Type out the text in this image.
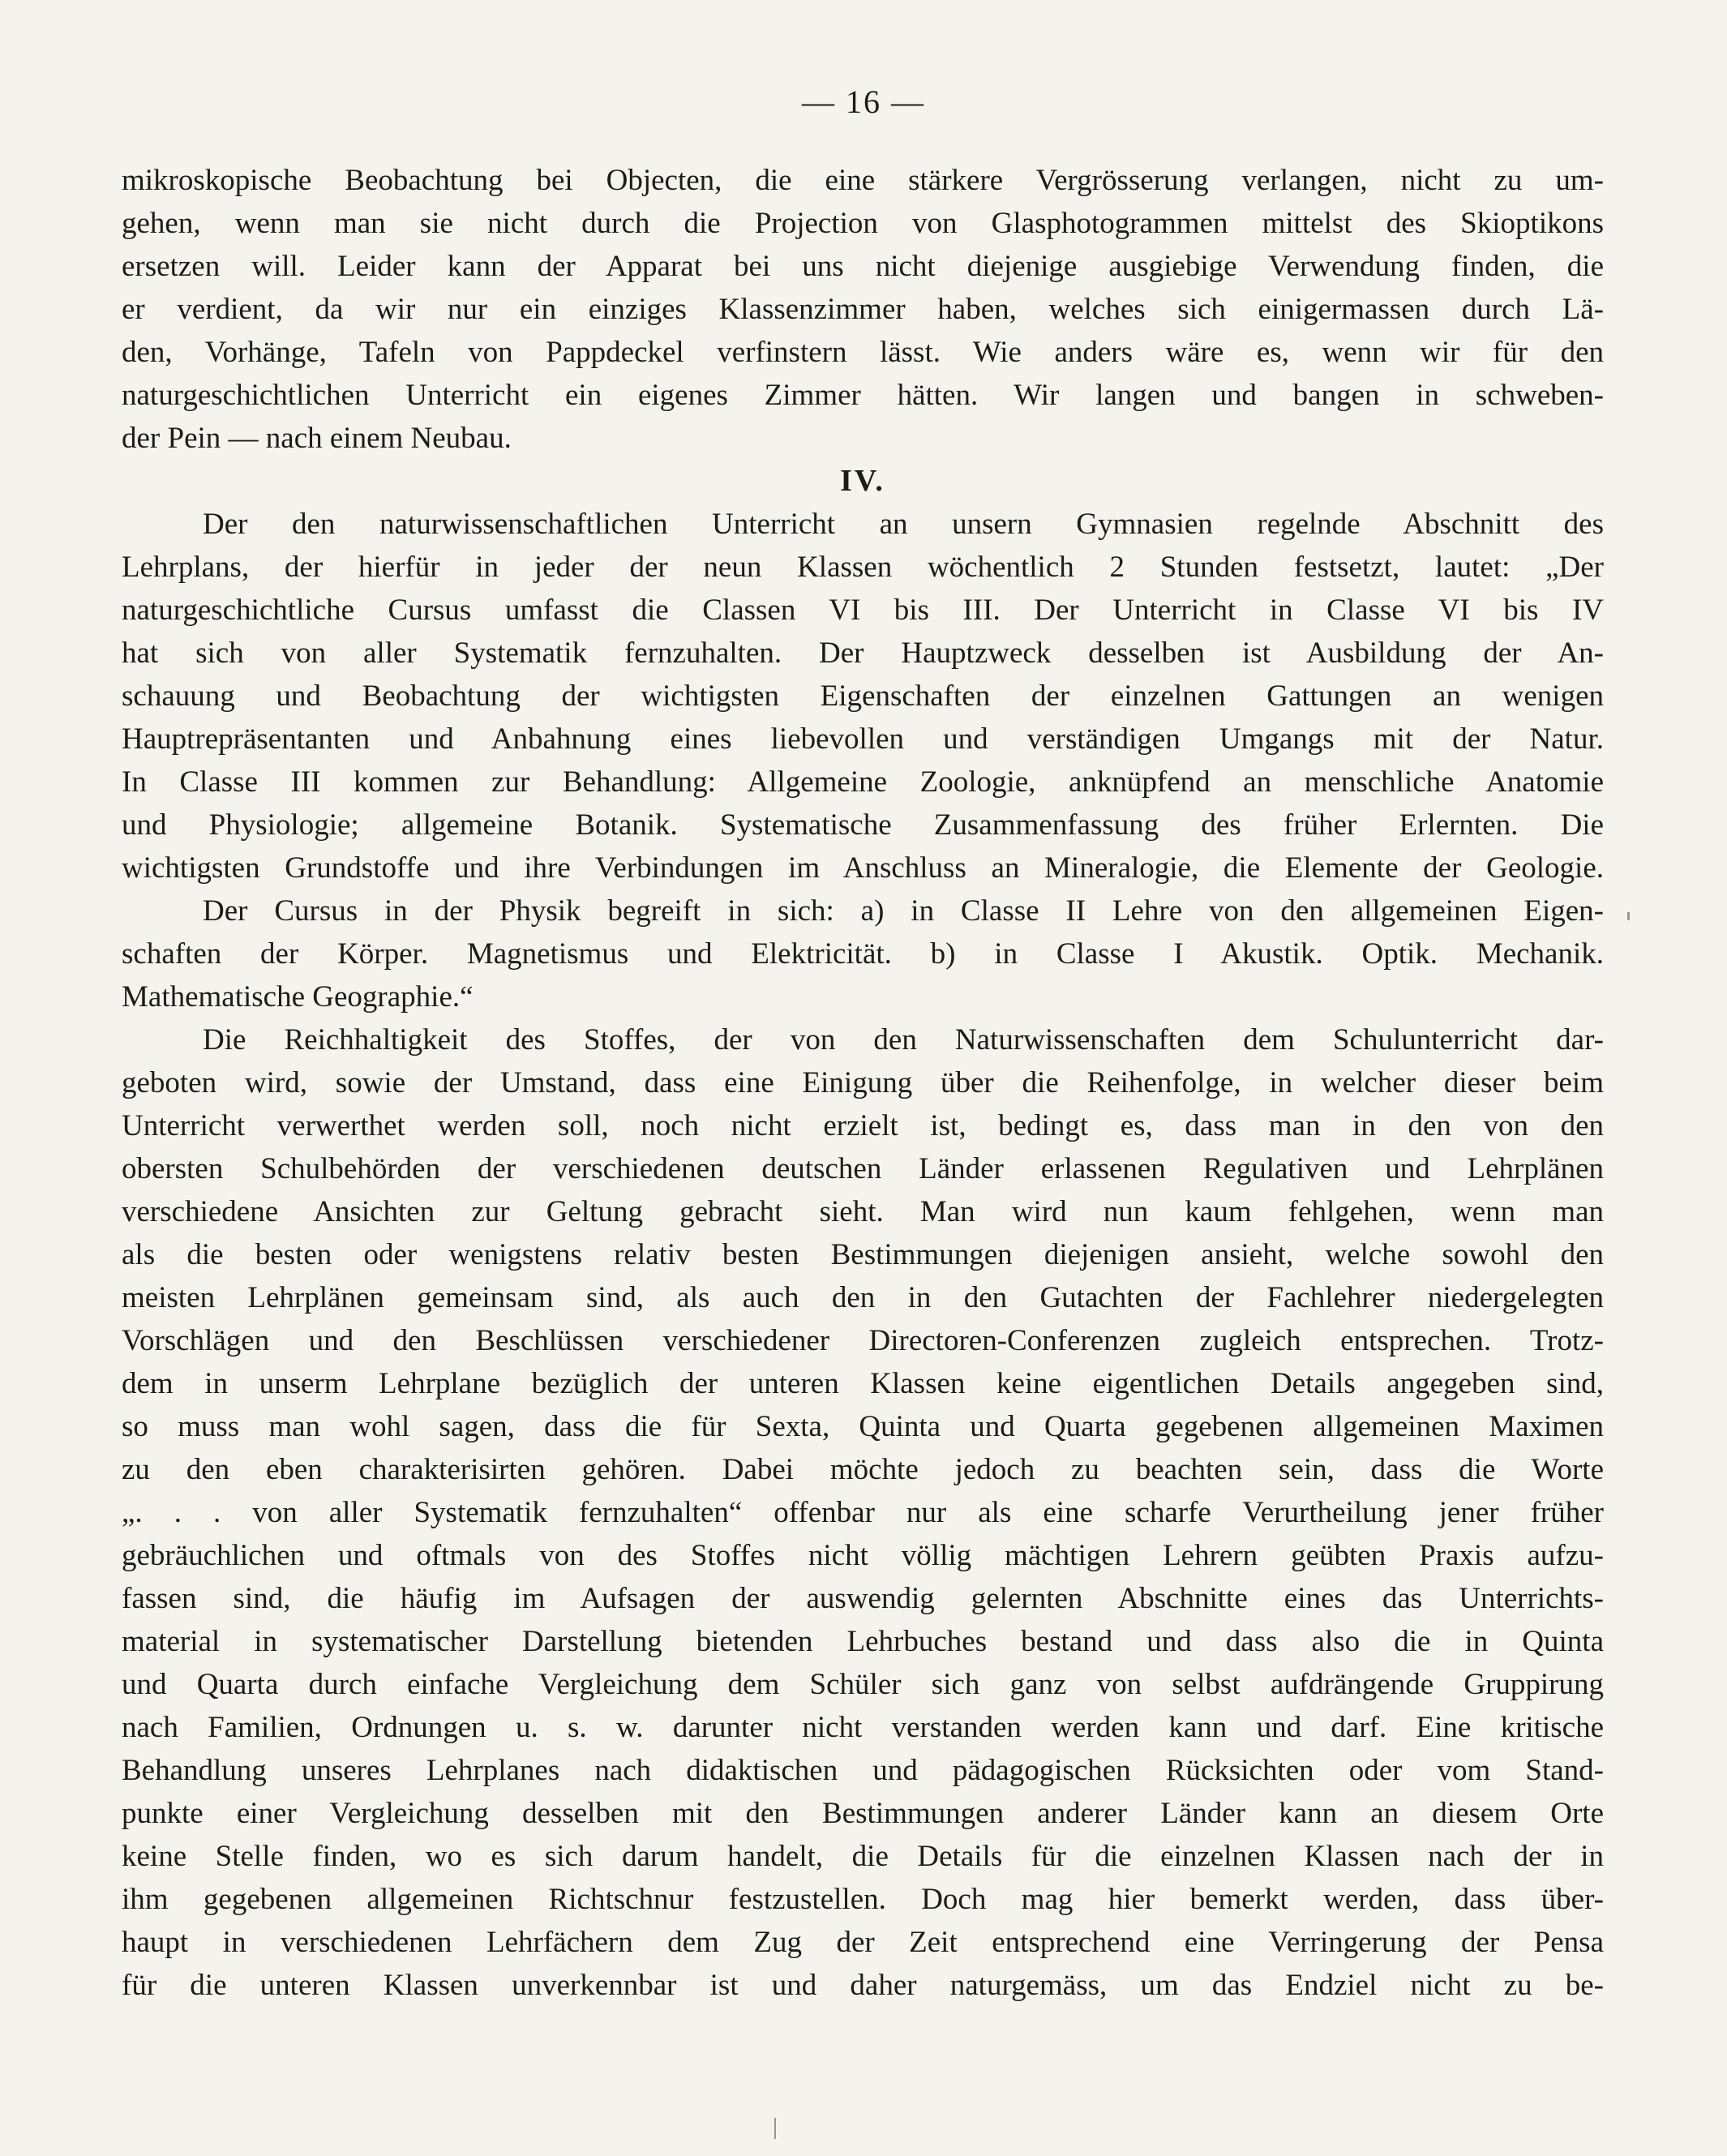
— 16 —

mikroskopische Beobachtung bei Objecten, die eine stärkere Vergrösserung verlangen, nicht zu um-
gehen, wenn man sie nicht durch die Projection von Glasphotogrammen mittelst des Skioptikons
ersetzen will. Leider kann der Apparat bei uns nicht diejenige ausgiebige Verwendung finden, die
er verdient, da wir nur ein einziges Klassenzimmer haben, welches sich einigermassen durch Lä-
den, Vorhänge, Tafeln von Pappdeckel verfinstern lässt. Wie anders wäre es, wenn wir für den
naturgeschichtlichen Unterricht ein eigenes Zimmer hätten. Wir langen und bangen in schweben-
der Pein — nach einem Neubau.

IV.

Der den naturwissenschaftlichen Unterricht an unsern Gymnasien regelnde Abschnitt des
Lehrplans, der hierfür in jeder der neun Klassen wöchentlich 2 Stunden festsetzt, lautet: „Der
naturgeschichtliche Cursus umfasst die Classen VI bis III. Der Unterricht in Classe VI bis IV
hat sich von aller Systematik fernzuhalten. Der Hauptzweck desselben ist Ausbildung der An-
schauung und Beobachtung der wichtigsten Eigenschaften der einzelnen Gattungen an wenigen
Hauptrepräsentanten und Anbahnung eines liebevollen und verständigen Umgangs mit der Natur.
In Classe III kommen zur Behandlung: Allgemeine Zoologie, anknüpfend an menschliche Anatomie
und Physiologie; allgemeine Botanik. Systematische Zusammenfassung des früher Erlernten. Die
wichtigsten Grundstoffe und ihre Verbindungen im Anschluss an Mineralogie, die Elemente der Geologie.

Der Cursus in der Physik begreift in sich: a) in Classe II Lehre von den allgemeinen Eigen-
schaften der Körper. Magnetismus und Elektricität. b) in Classe I Akustik. Optik. Mechanik.
Mathematische Geographie.“

Die Reichhaltigkeit des Stoffes, der von den Naturwissenschaften dem Schulunterricht dar-
geboten wird, sowie der Umstand, dass eine Einigung über die Reihenfolge, in welcher dieser beim
Unterricht verwerthet werden soll, noch nicht erzielt ist, bedingt es, dass man in den von den
obersten Schulbehörden der verschiedenen deutschen Länder erlassenen Regulativen und Lehrplänen
verschiedene Ansichten zur Geltung gebracht sieht. Man wird nun kaum fehlgehen, wenn man
als die besten oder wenigstens relativ besten Bestimmungen diejenigen ansieht, welche sowohl den
meisten Lehrplänen gemeinsam sind, als auch den in den Gutachten der Fachlehrer niedergelegten
Vorschlägen und den Beschlüssen verschiedener Directoren-Conferenzen zugleich entsprechen. Trotz-
dem in unserm Lehrplane bezüglich der unteren Klassen keine eigentlichen Details angegeben sind,
so muss man wohl sagen, dass die für Sexta, Quinta und Quarta gegebenen allgemeinen Maximen
zu den eben charakterisirten gehören. Dabei möchte jedoch zu beachten sein, dass die Worte
„. . . von aller Systematik fernzuhalten“ offenbar nur als eine scharfe Verurtheilung jener früher
gebräuchlichen und oftmals von des Stoffes nicht völlig mächtigen Lehrern geübten Praxis aufzu-
fassen sind, die häufig im Aufsagen der auswendig gelernten Abschnitte eines das Unterrichts-
material in systematischer Darstellung bietenden Lehrbuches bestand und dass also die in Quinta
und Quarta durch einfache Vergleichung dem Schüler sich ganz von selbst aufdrängende Gruppirung
nach Familien, Ordnungen u. s. w. darunter nicht verstanden werden kann und darf. Eine kritische
Behandlung unseres Lehrplanes nach didaktischen und pädagogischen Rücksichten oder vom Stand-
punkte einer Vergleichung desselben mit den Bestimmungen anderer Länder kann an diesem Orte
keine Stelle finden, wo es sich darum handelt, die Details für die einzelnen Klassen nach der in
ihm gegebenen allgemeinen Richtschnur festzustellen. Doch mag hier bemerkt werden, dass über-
haupt in verschiedenen Lehrfächern dem Zug der Zeit entsprechend eine Verringerung der Pensa
für die unteren Klassen unverkennbar ist und daher naturgemäss, um das Endziel nicht zu be-
